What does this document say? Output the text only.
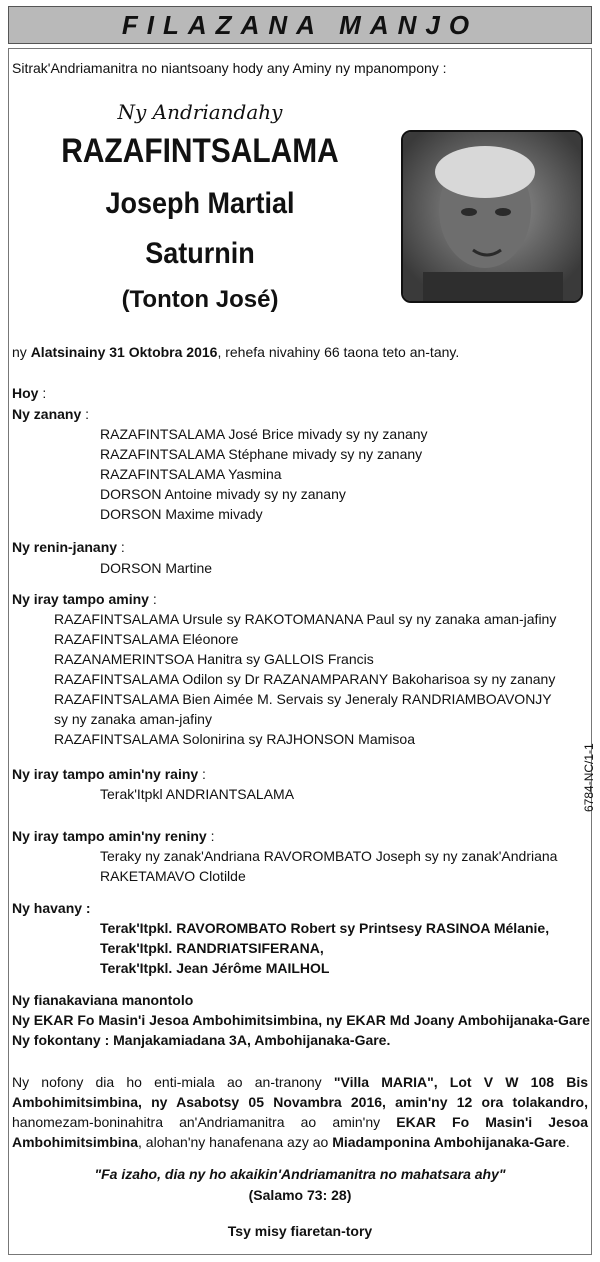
FILAZANA MANJO
Sitrak'Andriamanitra no niantsoany hody any Aminy ny mpanompony :
Ny Andriandahy
RAZAFINTSALAMA
Joseph Martial
Saturnin
(Tonton José)
ny Alatsinainy 31 Oktobra 2016, rehefa nivahiny 66 taona teto an-tany.
Hoy :
Ny zanany :
RAZAFINTSALAMA José Brice mivady sy ny zanany
RAZAFINTSALAMA Stéphane mivady sy ny zanany
RAZAFINTSALAMA Yasmina
DORSON Antoine mivady sy ny zanany
DORSON Maxime mivady
Ny renin-janany :
DORSON Martine
Ny iray tampo aminy :
RAZAFINTSALAMA Ursule sy RAKOTOMANANA Paul sy ny zanaka aman-jafiny
RAZAFINTSALAMA Eléonore
RAZANAMERINTSOA Hanitra sy GALLOIS Francis
RAZAFINTSALAMA Odilon sy Dr RAZANAMPARANY Bakoharisoa sy ny zanany
RAZAFINTSALAMA Bien Aimée M. Servais sy Jeneraly RANDRIAMBOAVONJY
sy ny zanaka aman-jafiny
RAZAFINTSALAMA Solonirina sy RAJHONSON Mamisoa
Ny iray tampo amin'ny rainy :
Terak'Itpkl ANDRIANTSALAMA
Ny iray tampo amin'ny reniny :
Teraky ny zanak'Andriana RAVOROMBATO Joseph sy ny zanak'Andriana
RAKETAMAVO Clotilde
Ny havany :
Terak'Itpkl. RAVOROMBATO Robert sy Printsesy RASINOA Mélanie,
Terak'Itpkl. RANDRIATSIFERANA,
Terak'Itpkl. Jean Jérôme MAILHOL
Ny fianakaviana manontolo
Ny EKAR Fo Masin'i Jesoa Ambohimitsimbina, ny EKAR Md Joany Ambohijanaka-Gare
Ny fokontany : Manjakamiadana 3A, Ambohijanaka-Gare.
Ny nofony dia ho enti-miala ao an-tranony "Villa MARIA", Lot V W 108 Bis Ambohimitsimbina, ny Asabotsy 05 Novambra 2016, amin'ny 12 ora tolakandro, hanomezam-boninahitra an'Andriamanitra ao amin'ny EKAR Fo Masin'i Jesoa Ambohimitsimbina, alohan'ny hanafenana azy ao Miadamponina Ambohijanaka-Gare.
"Fa izaho, dia ny ho akaikin'Andriamanitra no mahatsara ahy"
(Salamo 73: 28)
Tsy misy fiaretan-tory
6784-NC/1-1
